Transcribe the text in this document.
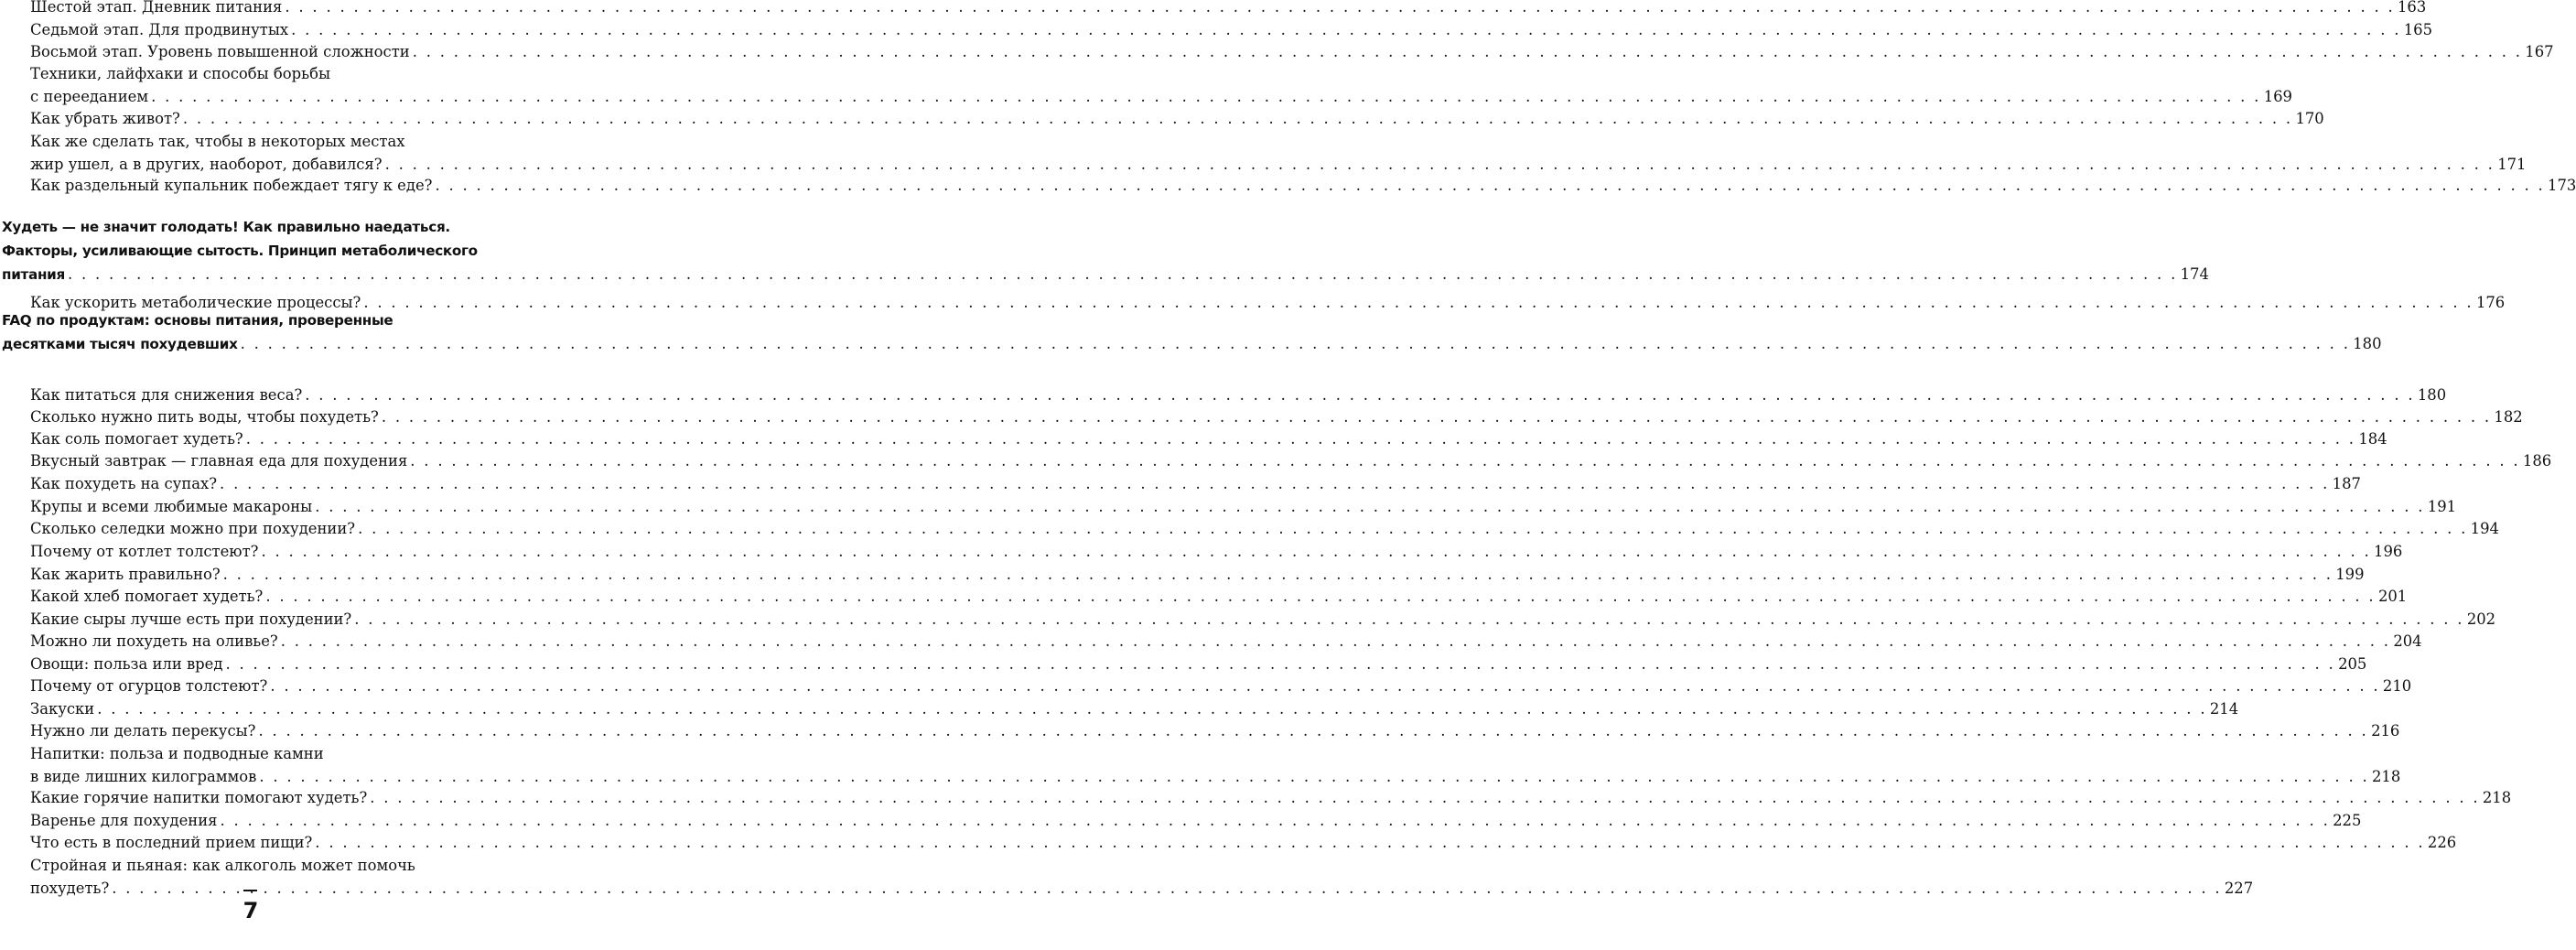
Шестой этап. Дневник питания . . .	163
Седьмой этап. Для продвинутых . . .	165
Восьмой этап. Уровень повышенной сложности . . .	167
Техники, лайфхаки и способы борьбы
с перееданием . . .	169
Как убрать живот? . . .	170
Как же сделать так, чтобы в некоторых местах
жир ушел, а в других, наоборот, добавился? . . .	171
Как раздельный купальник побеждает тягу к еде? . . .	173
Худеть — не значит голодать! Как правильно наедаться.
Факторы, усиливающие сытость. Принцип метаболического
питания . . .	174
Как ускорить метаболические процессы? . . .	176
FAQ по продуктам: основы питания, проверенные
десятками тысяч похудевших . . .	180
Как питаться для снижения веса? . . .	180
Сколько нужно пить воды, чтобы похудеть? . . .	182
Как соль помогает худеть? . . .	184
Вкусный завтрак — главная еда для похудения . . .	186
Как похудеть на супах? . . .	187
Крупы и всеми любимые макароны . . .	191
Сколько селедки можно при похудении? . . .	194
Почему от котлет толстеют? . . .	196
Как жарить правильно? . . .	199
Какой хлеб помогает худеть? . . .	201
Какие сыры лучше есть при похудении? . . .	202
Можно ли похудеть на оливье? . . .	204
Овощи: польза или вред . . .	205
Почему от огурцов толстеют? . . .	210
Закуски . . .	214
Нужно ли делать перекусы? . . .	216
Напитки: польза и подводные камни
в виде лишних килограммов . . .	218
Какие горячие напитки помогают худеть? . . .	218
Варенье для похудения . . .	225
Что есть в последний прием пищи? . . .	226
Стройная и пьяная: как алкоголь может помочь
похудеть? . . .	227
7
